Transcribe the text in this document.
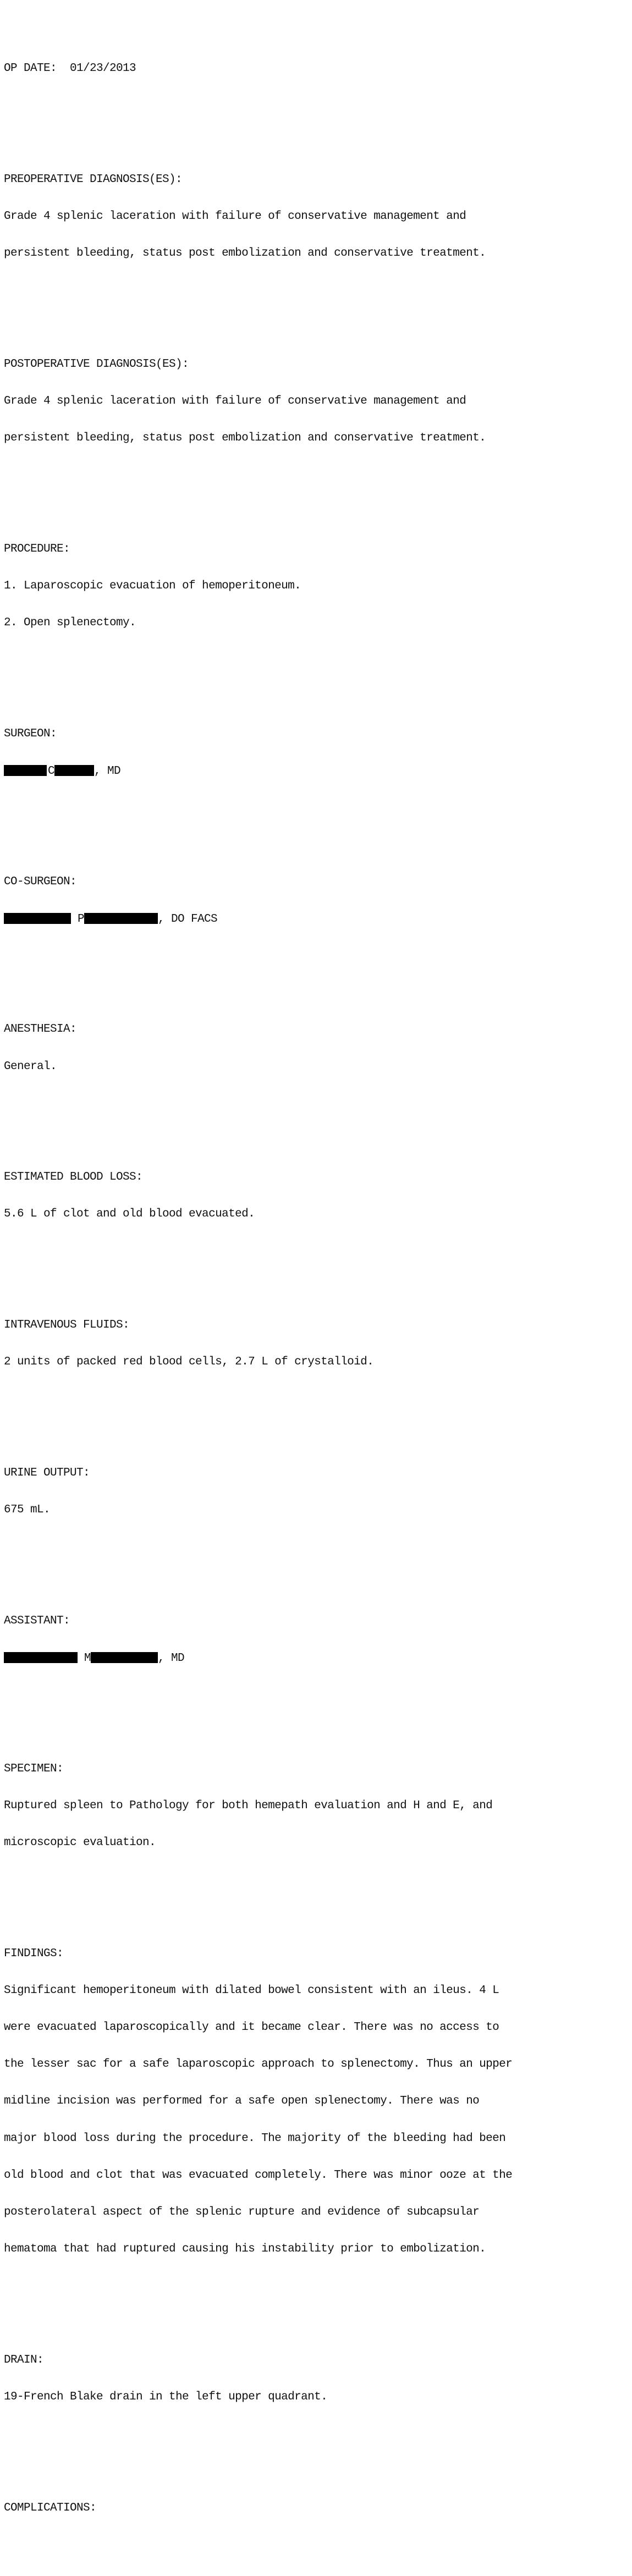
OP DATE:  01/23/2013

PREOPERATIVE DIAGNOSIS(ES):

Grade 4 splenic laceration with failure of conservative management and

persistent bleeding, status post embolization and conservative treatment.

POSTOPERATIVE DIAGNOSIS(ES):

Grade 4 splenic laceration with failure of conservative management and

persistent bleeding, status post embolization and conservative treatment.

PROCEDURE:

1. Laparoscopic evacuation of hemoperitoneum.

2. Open splenectomy.

SURGEON:

C	, MD

CO-SURGEON:

P	, DO FACS

ANESTHESIA:

General.

ESTIMATED BLOOD LOSS:

5.6 L of clot and old blood evacuated.

INTRAVENOUS FLUIDS:

2 units of packed red blood cells, 2.7 L of crystalloid.

URINE OUTPUT:

675 mL.

ASSISTANT:

M	, MD

SPECIMEN:

Ruptured spleen to Pathology for both hemepath evaluation and H and E, and

microscopic evaluation.

FINDINGS:

Significant hemoperitoneum with dilated bowel consistent with an ileus. 4 L

were evacuated laparoscopically and it became clear. There was no access to

the lesser sac for a safe laparoscopic approach to splenectomy. Thus an upper

midline incision was performed for a safe open splenectomy. There was no

major blood loss during the procedure. The majority of the bleeding had been

old blood and clot that was evacuated completely. There was minor ooze at the

posterolateral aspect of the splenic rupture and evidence of subcapsular

hematoma that had ruptured causing his instability prior to embolization.

DRAIN:

19-French Blake drain in the left upper quadrant.

COMPLICATIONS:
